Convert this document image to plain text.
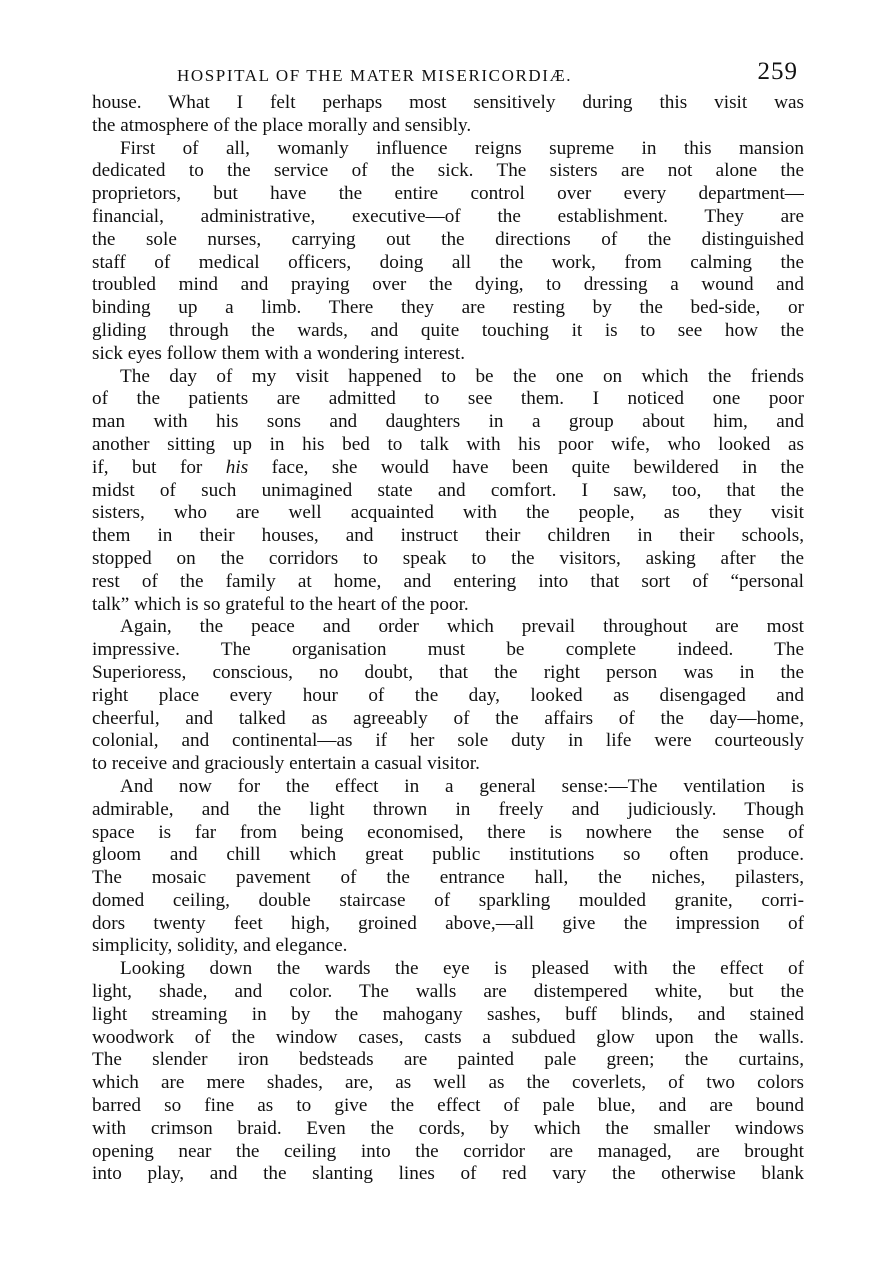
HOSPITAL OF THE MATER MISERICORDIÆ.	259
house. What I felt perhaps most sensitively during this visit was
the atmosphere of the place morally and sensibly.
First of all, womanly influence reigns supreme in this mansion
dedicated to the service of the sick. The sisters are not alone the
proprietors, but have the entire control over every department—
financial, administrative, executive—of the establishment. They are
the sole nurses, carrying out the directions of the distinguished
staff of medical officers, doing all the work, from calming the
troubled mind and praying over the dying, to dressing a wound and
binding up a limb. There they are resting by the bed-side, or
gliding through the wards, and quite touching it is to see how the
sick eyes follow them with a wondering interest.
The day of my visit happened to be the one on which the friends
of the patients are admitted to see them. I noticed one poor
man with his sons and daughters in a group about him, and
another sitting up in his bed to talk with his poor wife, who looked as
if, but for his face, she would have been quite bewildered in the
midst of such unimagined state and comfort. I saw, too, that the
sisters, who are well acquainted with the people, as they visit
them in their houses, and instruct their children in their schools,
stopped on the corridors to speak to the visitors, asking after the
rest of the family at home, and entering into that sort of “personal
talk” which is so grateful to the heart of the poor.
Again, the peace and order which prevail throughout are most
impressive. The organisation must be complete indeed. The
Superioress, conscious, no doubt, that the right person was in the
right place every hour of the day, looked as disengaged and
cheerful, and talked as agreeably of the affairs of the day—home,
colonial, and continental—as if her sole duty in life were courteously
to receive and graciously entertain a casual visitor.
And now for the effect in a general sense:—The ventilation is
admirable, and the light thrown in freely and judiciously. Though
space is far from being economised, there is nowhere the sense of
gloom and chill which great public institutions so often produce.
The mosaic pavement of the entrance hall, the niches, pilasters,
domed ceiling, double staircase of sparkling moulded granite, corri-
dors twenty feet high, groined above,—all give the impression of
simplicity, solidity, and elegance.
Looking down the wards the eye is pleased with the effect of
light, shade, and color. The walls are distempered white, but the
light streaming in by the mahogany sashes, buff blinds, and stained
woodwork of the window cases, casts a subdued glow upon the walls.
The slender iron bedsteads are painted pale green; the curtains,
which are mere shades, are, as well as the coverlets, of two colors
barred so fine as to give the effect of pale blue, and are bound
with crimson braid. Even the cords, by which the smaller windows
opening near the ceiling into the corridor are managed, are brought
into play, and the slanting lines of red vary the otherwise blank
